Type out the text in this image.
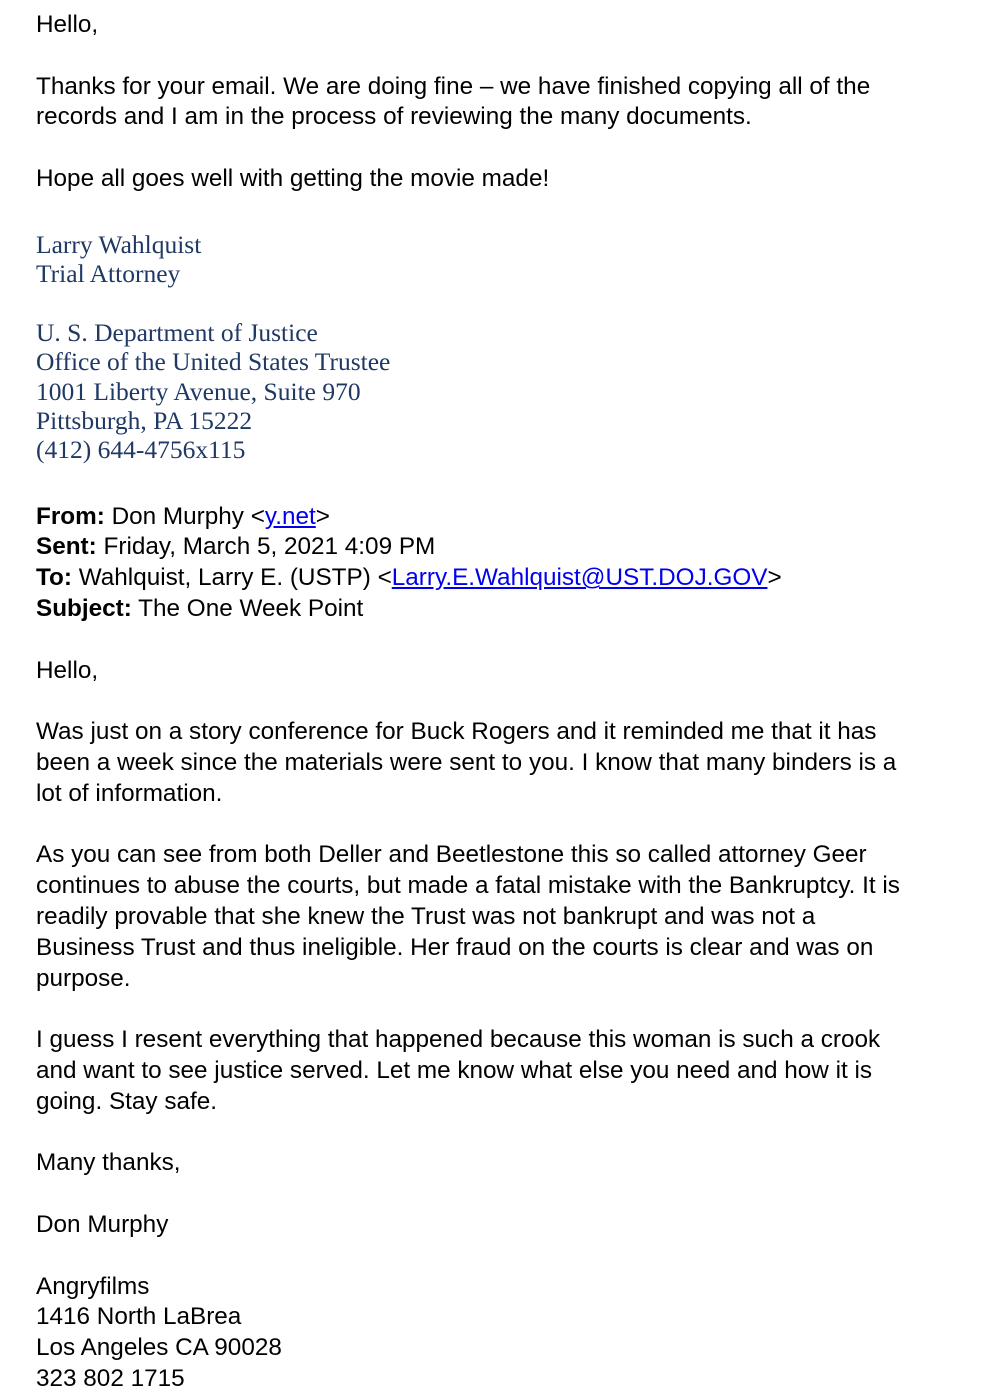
Hello,

Thanks for your email. We are doing fine – we have finished copying all of the

records and I am in the process of reviewing the many documents.

Hope all goes well with getting the movie made!

Larry Wahlquist

Trial Attorney

U. S. Department of Justice

Office of the United States Trustee

1001 Liberty Avenue, Suite 970

Pittsburgh, PA 15222

(412) 644-4756x115

From: Don Murphy <y.net>

Sent: Friday, March 5, 2021 4:09 PM

To: Wahlquist, Larry E. (USTP) <Larry.E.Wahlquist@UST.DOJ.GOV>

Subject: The One Week Point

Hello,

Was just on a story conference for Buck Rogers and it reminded me that it has

been a week since the materials were sent to you. I know that many binders is a

lot of information.

As you can see from both Deller and Beetlestone this so called attorney Geer

continues to abuse the courts, but made a fatal mistake with the Bankruptcy. It is

readily provable that she knew the Trust was not bankrupt and was not a

Business Trust and thus ineligible. Her fraud on the courts is clear and was on

purpose.

I guess I resent everything that happened because this woman is such a crook

and want to see justice served. Let me know what else you need and how it is

going. Stay safe.

Many thanks,

Don Murphy

Angryfilms

1416 North LaBrea

Los Angeles CA 90028

323 802 1715
